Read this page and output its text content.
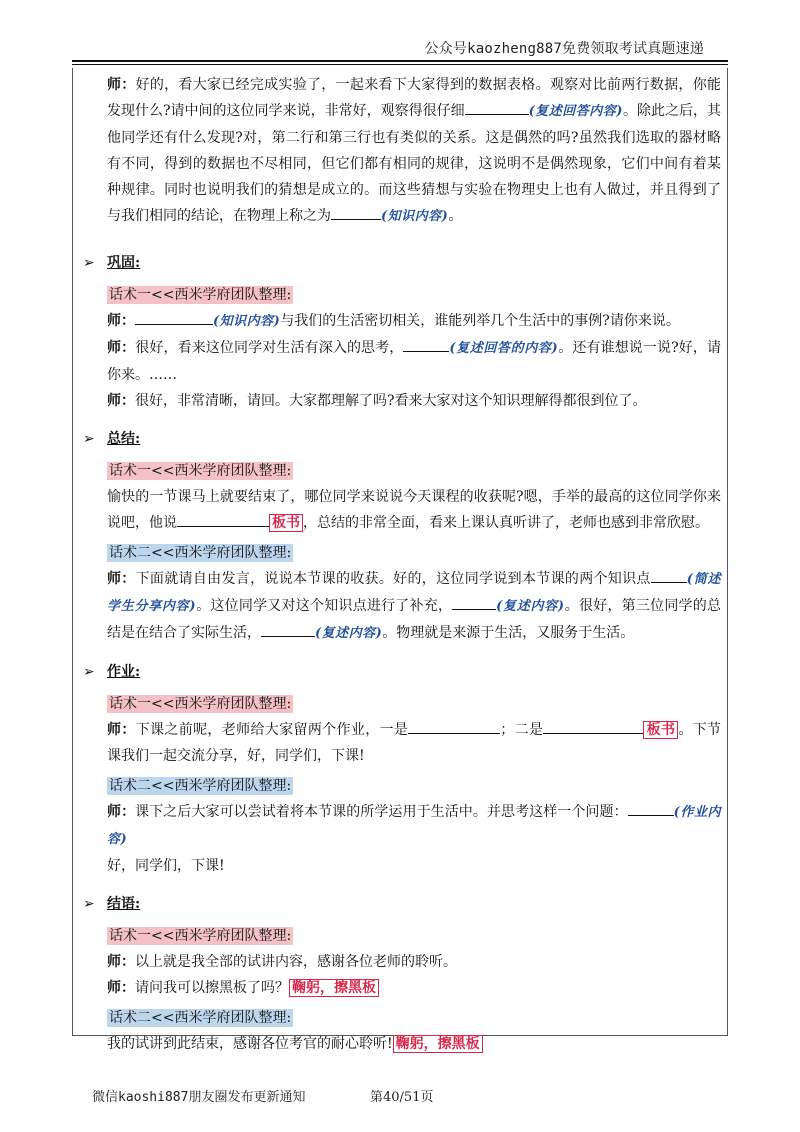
公众号kaozheng887免费领取考试真题速递
师：好的，看大家已经完成实验了，一起来看下大家得到的数据表格。观察对比前两行数据，你能发现什么?请中间的这位同学来说，非常好，观察得很仔细	(复述回答内容)。除此之后，其他同学还有什么发现?对，第二行和第三行也有类似的关系。这是偶然的吗?虽然我们选取的器材略有不同，得到的数据也不尽相同，但它们都有相同的规律，这说明不是偶然现象，它们中间有着某种规律。同时也说明我们的猜想是成立的。而这些猜想与实验在物理史上也有人做过，并且得到了与我们相同的结论，在物理上称之为	(知识内容)。
➢ 巩固:
话术一<<西米学府团队整理:
师：	(知识内容)与我们的生活密切相关，谁能列举几个生活中的事例?请你来说。
师：很好，看来这位同学对生活有深入的思考，	(复述回答的内容)。还有谁想说一说?好，请你来。……
师：很好，非常清晰，请回。大家都理解了吗?看来大家对这个知识理解得都很到位了。
➢ 总结:
话术一<<西米学府团队整理:
愉快的一节课马上就要结束了，哪位同学来说说今天课程的收获呢?嗯，手举的最高的这位同学你来说吧，他说	板书 ，总结的非常全面，看来上课认真听讲了，老师也感到非常欣慰。
话术二<<西米学府团队整理:
师：下面就请自由发言，说说本节课的收获。好的，这位同学说到本节课的两个知识点	(简述学生分享内容)。这位同学又对这个知识点进行了补充，	(复述内容)。很好，第三位同学的总结是在结合了实际生活，	(复述内容)。物理就是来源于生活，又服务于生活。
➢ 作业:
话术一<<西米学府团队整理:
师：下课之前呢，老师给大家留两个作业，一是	；二是	板书 。下节课我们一起交流分享，好，同学们，下课!
话术二<<西米学府团队整理:
师：课下之后大家可以尝试着将本节课的所学运用于生活中。并思考这样一个问题：	(作业内容)
好，同学们，下课!
➢ 结语:
话术一<<西米学府团队整理:
师：以上就是我全部的试讲内容，感谢各位老师的聆听。
师：请问我可以擦黑板了吗？ 鞠躬，擦黑板
话术二<<西米学府团队整理:
我的试讲到此结束，感谢各位考官的耐心聆听! 鞠躬，擦黑板
微信kaoshi887朋友圈发布更新通知	第40/51页
